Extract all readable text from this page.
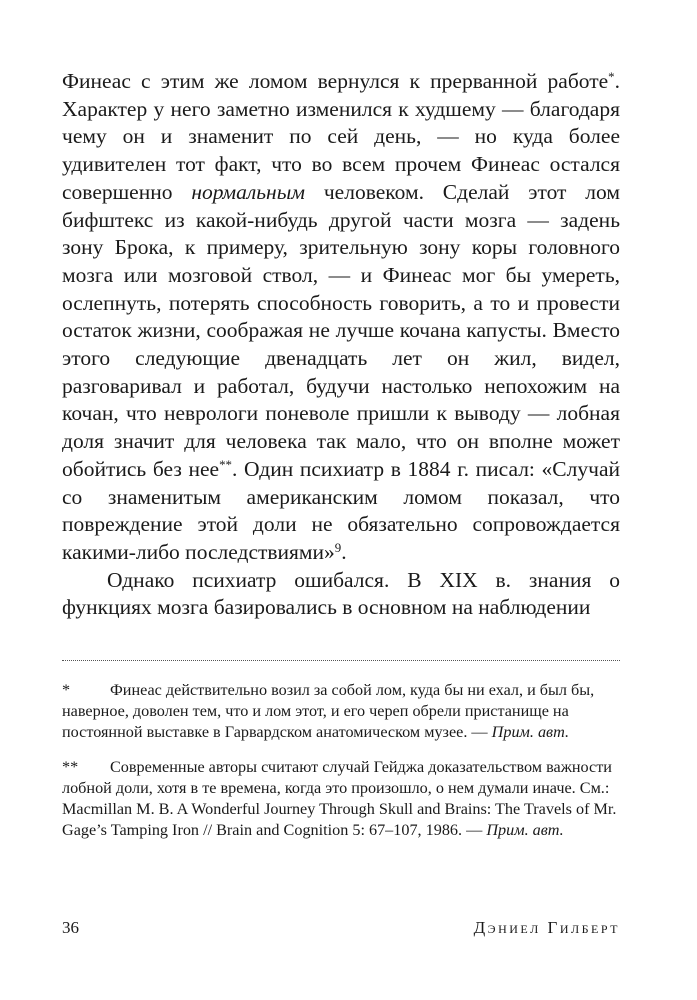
Финеас с этим же ломом вернулся к прерванной работе*. Характер у него заметно изменился к худшему — благодаря чему он и знаменит по сей день, — но куда более удивителен тот факт, что во всем прочем Финеас остался совершенно нормальным человеком. Сделай этот лом бифштекс из какой-нибудь другой части мозга — задень зону Брока, к примеру, зрительную зону коры головного мозга или мозговой ствол, — и Финеас мог бы умереть, ослепнуть, потерять способность говорить, а то и провести остаток жизни, соображая не лучше кочана капусты. Вместо этого следующие двенадцать лет он жил, видел, разговаривал и работал, будучи настолько непохожим на кочан, что неврологи поневоле пришли к выводу — лобная доля значит для человека так мало, что он вполне может обойтись без нее**. Один психиатр в 1884 г. писал: «Случай со знаменитым американским ломом показал, что повреждение этой доли не обязательно сопровождается какими-либо последствиями»$^9$.

Однако психиатр ошибался. В XIX в. знания о функциях мозга базировались в основном на наблюдении

* Финеас действительно возил за собой лом, куда бы ни ехал, и был бы, наверное, доволен тем, что и лом этот, и его череп обрели пристанище на постоянной выставке в Гарвардском анатомическом музее. — Прим. авт.

** Современные авторы считают случай Гейджа доказательством важности лобной доли, хотя в те времена, когда это произошло, о нем думали иначе. См.: Macmillan M. B. A Wonderful Journey Through Skull and Brains: The Travels of Mr. Gage’s Tamping Iron // Brain and Cognition 5: 67–107, 1986. — Прим. авт.

36	Дэниел Гилберт
